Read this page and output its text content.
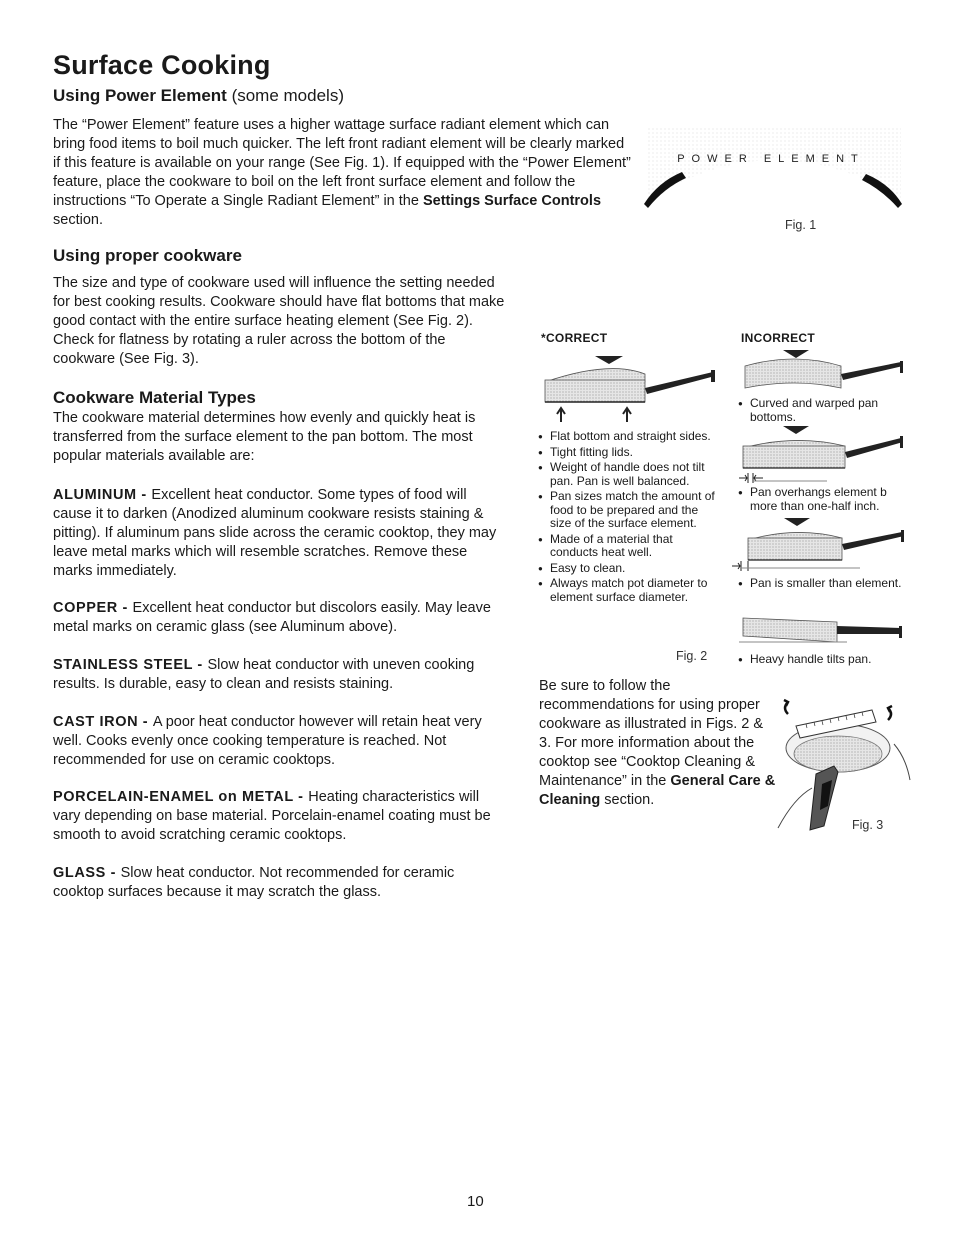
Surface Cooking
Using Power Element (some models)
The “Power Element” feature uses a higher wattage surface radiant element which can bring food items to boil much quicker. The left front radiant element will be clearly marked if this feature is available on your range (See Fig. 1). If equipped with the “Power Element” feature, place the cookware to boil on the left front surface element and follow the instructions “To Operate a Single Radiant Element” in the Settings Surface Controls section.
POWER ELEMENT
Fig. 1
Using proper cookware
The size and type of cookware used will influence the setting needed for best cooking results. Cookware should have flat bottoms that make good contact with the entire surface heating element (See Fig. 2). Check for flatness by rotating a ruler across the bottom of the cookware (See Fig. 3).
Cookware Material Types
The cookware material determines how evenly and quickly heat is transferred from the surface element to the pan bottom. The most popular materials available are:
ALUMINUM - Excellent heat conductor. Some types of food will cause it to darken (Anodized aluminum cookware resists staining & pitting). If aluminum pans slide across the ceramic cooktop, they may leave metal marks which will resemble scratches. Remove these marks immediately.
COPPER - Excellent heat conductor but discolors easily. May leave metal marks on ceramic glass (see Aluminum above).
STAINLESS STEEL - Slow heat conductor with uneven cooking results. Is durable, easy to clean and resists staining.
CAST IRON - A poor heat conductor however will retain heat very well. Cooks evenly once cooking temperature is reached. Not recommended for use on ceramic cooktops.
PORCELAIN-ENAMEL on METAL - Heating characteristics will vary depending on base material. Porcelain-enamel coating must be smooth to avoid scratching ceramic cooktops.
GLASS - Slow heat conductor. Not recommended for ceramic cooktop surfaces because it may scratch the glass.
*CORRECT
● Flat bottom and straight sides.
● Tight fitting lids.
● Weight of handle does not tilt pan. Pan is well balanced.
● Pan sizes match the amount of food to be prepared and the size of the surface element.
● Made of a material that conducts heat well.
● Easy to clean.
● Always match pot diameter to element surface diameter.
Fig. 2
INCORRECT
● Curved and warped pan bottoms.
● Pan overhangs element b more than one-half inch.
● Pan is smaller than element.
● Heavy handle tilts pan.
Be sure to follow the recommendations for using proper cookware as illustrated in Figs. 2 & 3. For more information about the cooktop see “Cooktop Cleaning & Maintenance” in the General Care & Cleaning section.
Fig. 3
10
